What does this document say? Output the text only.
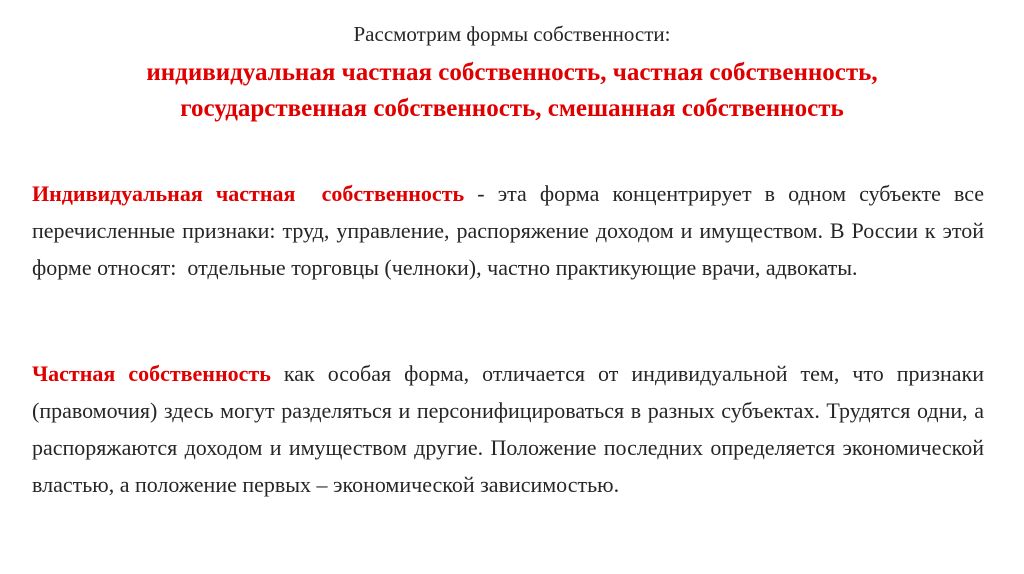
Рассмотрим формы собственности:
индивидуальная частная собственность, частная собственность,
государственная собственность, смешанная собственность

Индивидуальная частная  собственность - эта форма концентрирует в одном субъекте все перечисленные признаки: труд, управление, распоряжение доходом и имуществом. В России к этой форме относят:  отдельные торговцы (челноки), частно практикующие врачи, адвокаты.

Частная собственность как особая форма, отличается от индивидуальной тем, что признаки (правомочия) здесь могут разделяться и персонифицироваться в разных субъектах. Трудятся одни, а распоряжаются доходом и имуществом другие. Положение последних определяется экономической властью, а положение первых – экономической зависимостью.
